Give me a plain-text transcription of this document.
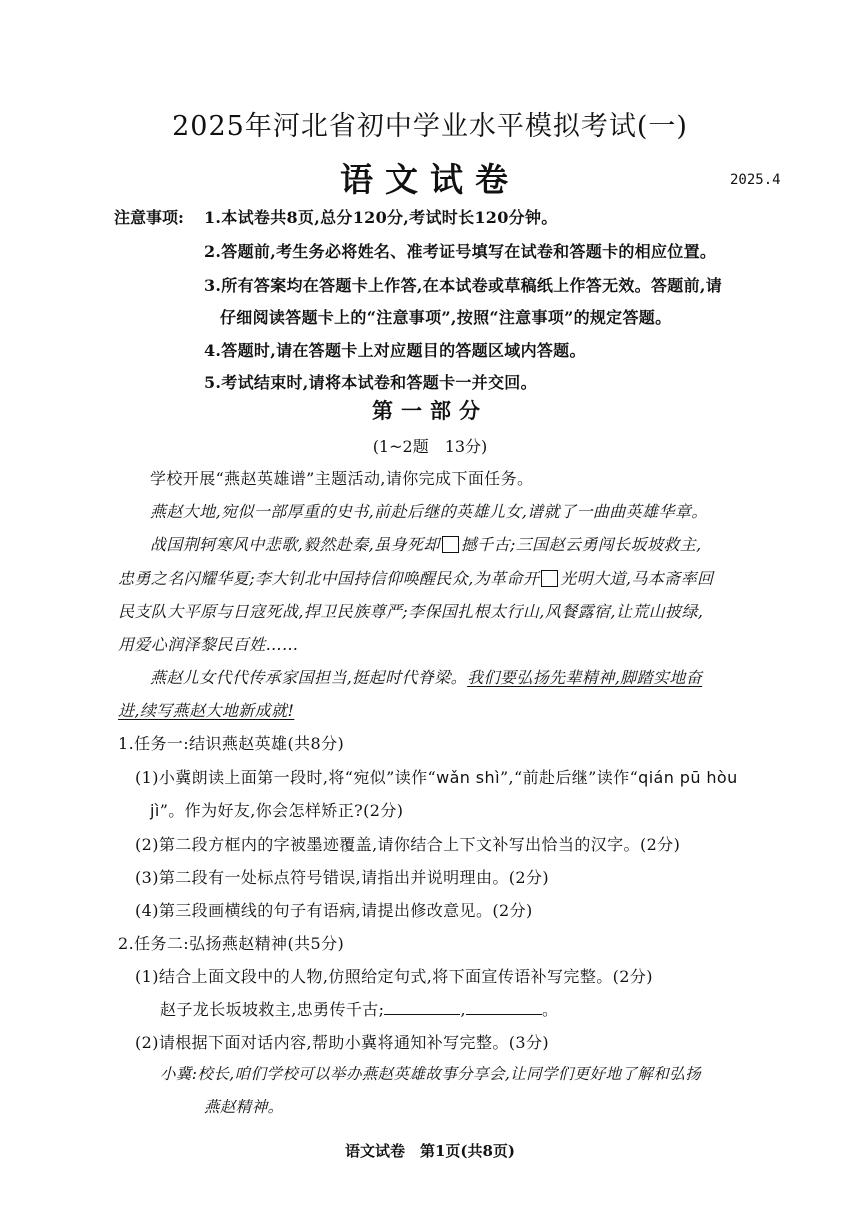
2025年河北省初中学业水平模拟考试(一)
语文试卷	2025.4
注意事项: 1.本试卷共8页,总分120分,考试时长120分钟。
2.答题前,考生务必将姓名、准考证号填写在试卷和答题卡的相应位置。
3.所有答案均在答题卡上作答,在本试卷或草稿纸上作答无效。答题前,请
仔细阅读答题卡上的“注意事项”,按照“注意事项”的规定答题。
4.答题时,请在答题卡上对应题目的答题区域内答题。
5.考试结束时,请将本试卷和答题卡一并交回。
第一部分
(1~2题　13分)
学校开展“燕赵英雄谱”主题活动,请你完成下面任务。
燕赵大地,宛似一部厚重的史书,前赴后继的英雄儿女,谱就了一曲曲英雄华章。
战国荆轲寒风中悲歌,毅然赴秦,虽身死却 撼千古;三国赵云勇闯长坂坡救主,
忠勇之名闪耀华夏;李大钊北中国持信仰唤醒民众,为革命开 光明大道,马本斋率回
民支队大平原与日寇死战,捍卫民族尊严;李保国扎根太行山,风餐露宿,让荒山披绿,
用爱心润泽黎民百姓……
燕赵儿女代代传承家国担当,挺起时代脊梁。我们要弘扬先辈精神,脚踏实地奋
进,续写燕赵大地新成就!
1.任务一:结识燕赵英雄(共8分)
(1)小冀朗读上面第一段时,将“宛似”读作“wǎn shì”,“前赴后继”读作“qián pū hòu
jì”。作为好友,你会怎样矫正?(2分)
(2)第二段方框内的字被墨迹覆盖,请你结合上下文补写出恰当的汉字。(2分)
(3)第二段有一处标点符号错误,请指出并说明理由。(2分)
(4)第三段画横线的句子有语病,请提出修改意见。(2分)
2.任务二:弘扬燕赵精神(共5分)
(1)结合上面文段中的人物,仿照给定句式,将下面宣传语补写完整。(2分)
赵子龙长坂坡救主,忠勇传千古;	,	。
(2)请根据下面对话内容,帮助小冀将通知补写完整。(3分)
小冀:校长,咱们学校可以举办燕赵英雄故事分享会,让同学们更好地了解和弘扬
燕赵精神。
语文试卷　第1页(共8页)
